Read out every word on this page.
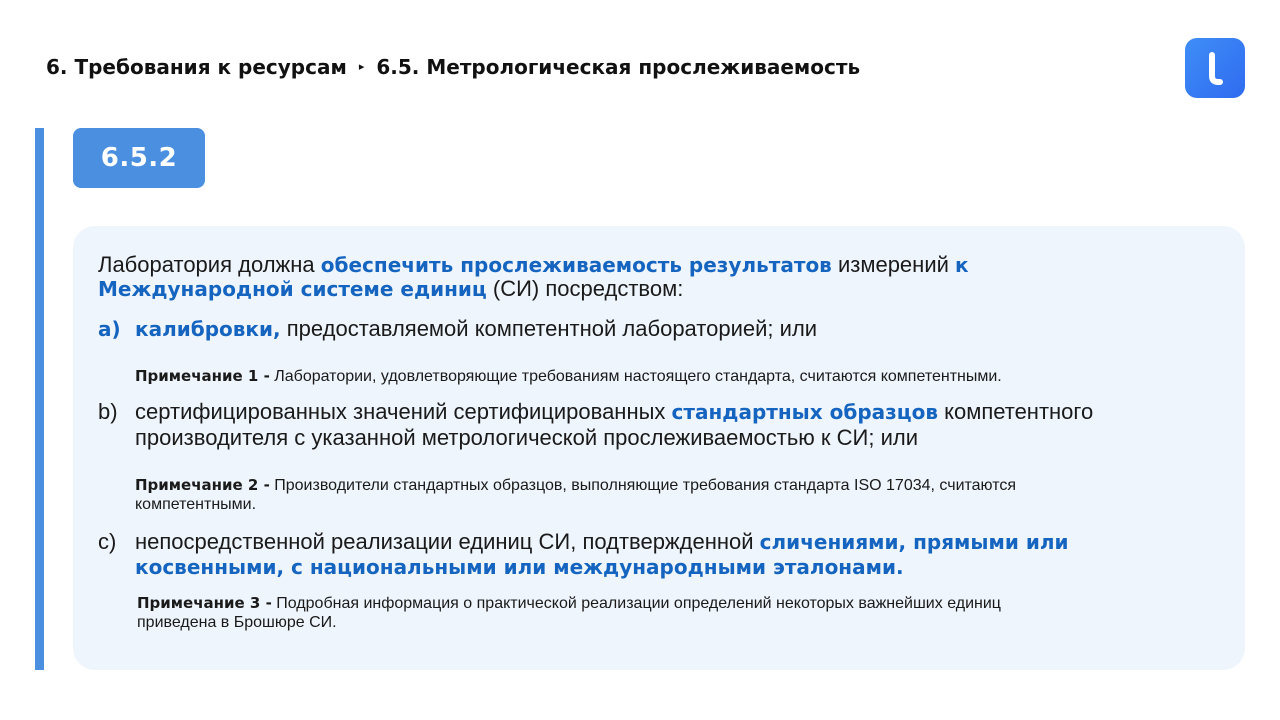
6. Требования к ресурсам ▸ 6.5. Метрологическая прослеживаемость
6.5.2
Лаборатория должна обеспечить прослеживаемость результатов измерений к
Международной системе единиц (СИ) посредством:
a) калибровки, предоставляемой компетентной лабораторией; или
Примечание 1 - Лаборатории, удовлетворяющие требованиям настоящего стандарта, считаются компетентными.
b) сертифицированных значений сертифицированных стандартных образцов компетентного
производителя с указанной метрологической прослеживаемостью к СИ; или
Примечание 2 - Производители стандартных образцов, выполняющие требования стандарта ISO 17034, считаются
компетентными.
c) непосредственной реализации единиц СИ, подтвержденной сличениями, прямыми или
косвенными, с национальными или международными эталонами.
Примечание 3 - Подробная информация о практической реализации определений некоторых важнейших единиц
приведена в Брошюре СИ.
